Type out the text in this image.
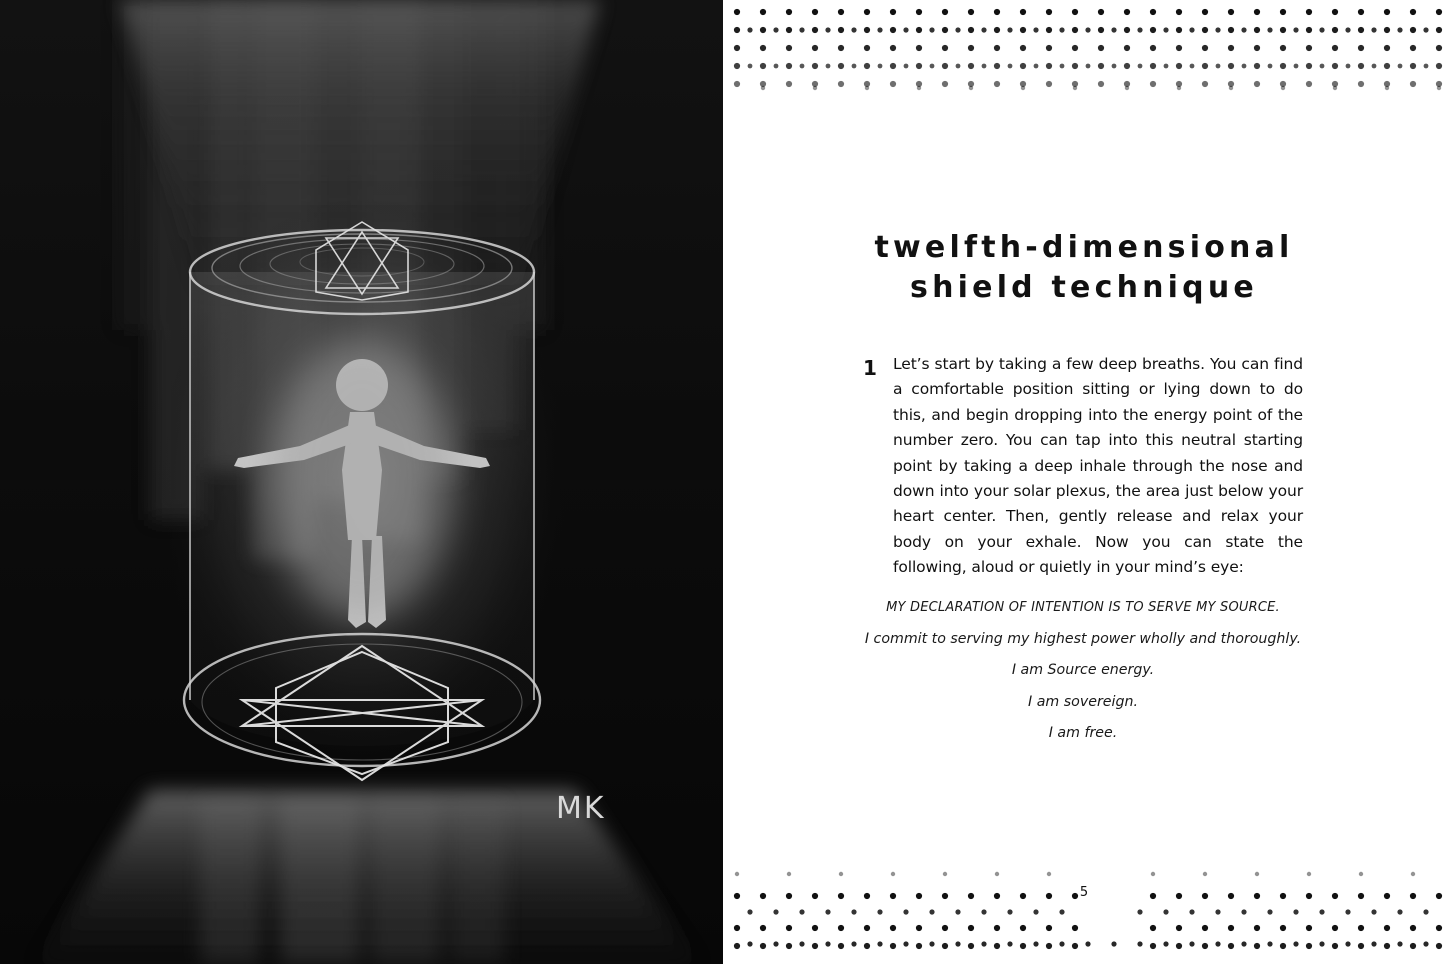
MK
twelfth-dimensional
shield technique
1	Let’s start by taking a few deep breaths. You can find a comfortable position sitting or lying down to do this, and begin dropping into the energy point of the number zero. You can tap into this neutral starting point by taking a deep inhale through the nose and down into your solar plexus, the area just below your heart center. Then, gently release and relax your body on your exhale. Now you can state the following, aloud or quietly in your mind’s eye:
MY DECLARATION OF INTENTION IS TO SERVE MY SOURCE.
I commit to serving my highest power wholly and thoroughly.
I am Source energy.
I am sovereign.
I am free.
5
